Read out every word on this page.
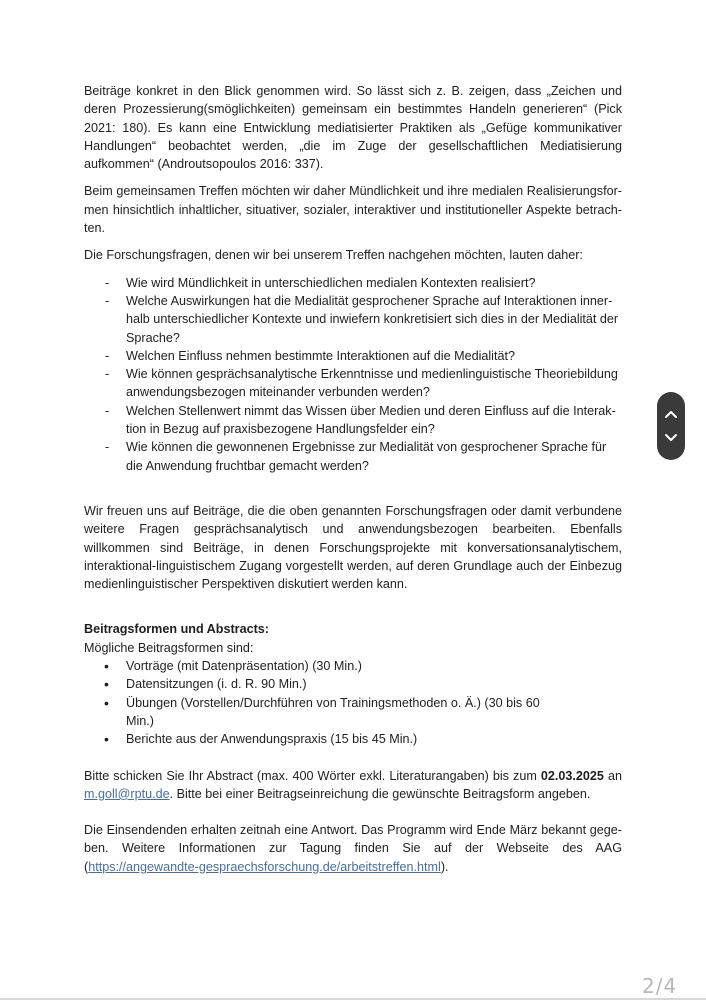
Beiträge konkret in den Blick genommen wird. So lässt sich z. B. zeigen, dass „Zeichen und deren Prozessierung(smöglichkeiten) gemeinsam ein bestimmtes Handeln generieren“ (Pick 2021: 180). Es kann eine Entwicklung mediatisierter Praktiken als „Gefüge kommunikativer Handlungen“ beobachtet werden, „die im Zuge der gesellschaftlichen Mediatisierung aufkommen“ (Androutsopoulos 2016: 337).

Beim gemeinsamen Treffen möchten wir daher Mündlichkeit und ihre medialen Realisierungsformen hinsichtlich inhaltlicher, situativer, sozialer, interaktiver und institutioneller Aspekte betrachten.

Die Forschungsfragen, denen wir bei unserem Treffen nachgehen möchten, lauten daher:

- Wie wird Mündlichkeit in unterschiedlichen medialen Kontexten realisiert?
- Welche Auswirkungen hat die Medialität gesprochener Sprache auf Interaktionen innerhalb unterschiedlicher Kontexte und inwiefern konkretisiert sich dies in der Medialität der Sprache?
- Welchen Einfluss nehmen bestimmte Interaktionen auf die Medialität?
- Wie können gesprächsanalytische Erkenntnisse und medienlinguistische Theoriebildung anwendungsbezogen miteinander verbunden werden?
- Welchen Stellenwert nimmt das Wissen über Medien und deren Einfluss auf die Interaktion in Bezug auf praxisbezogene Handlungsfelder ein?
- Wie können die gewonnenen Ergebnisse zur Medialität von gesprochener Sprache für die Anwendung fruchtbar gemacht werden?

Wir freuen uns auf Beiträge, die die oben genannten Forschungsfragen oder damit verbundene weitere Fragen gesprächsanalytisch und anwendungsbezogen bearbeiten. Ebenfalls willkommen sind Beiträge, in denen Forschungsprojekte mit konversationsanalytischem, interaktional-linguistischem Zugang vorgestellt werden, auf deren Grundlage auch der Einbezug medienlinguistischer Perspektiven diskutiert werden kann.

Beitragsformen und Abstracts:

Mögliche Beitragsformen sind:

• Vorträge (mit Datenpräsentation) (30 Min.)
• Datensitzungen (i. d. R. 90 Min.)
• Übungen (Vorstellen/Durchführen von Trainingsmethoden o. Ä.) (30 bis 60 Min.)
• Berichte aus der Anwendungspraxis (15 bis 45 Min.)

Bitte schicken Sie Ihr Abstract (max. 400 Wörter exkl. Literaturangaben) bis zum 02.03.2025 an m.goll@rptu.de. Bitte bei einer Beitragseinreichung die gewünschte Beitragsform angeben.

Die Einsendenden erhalten zeitnah eine Antwort. Das Programm wird Ende März bekannt gegeben. Weitere Informationen zur Tagung finden Sie auf der Webseite des AAG (https://angewandte-gespraechsforschung.de/arbeitstreffen.html).

2/4
